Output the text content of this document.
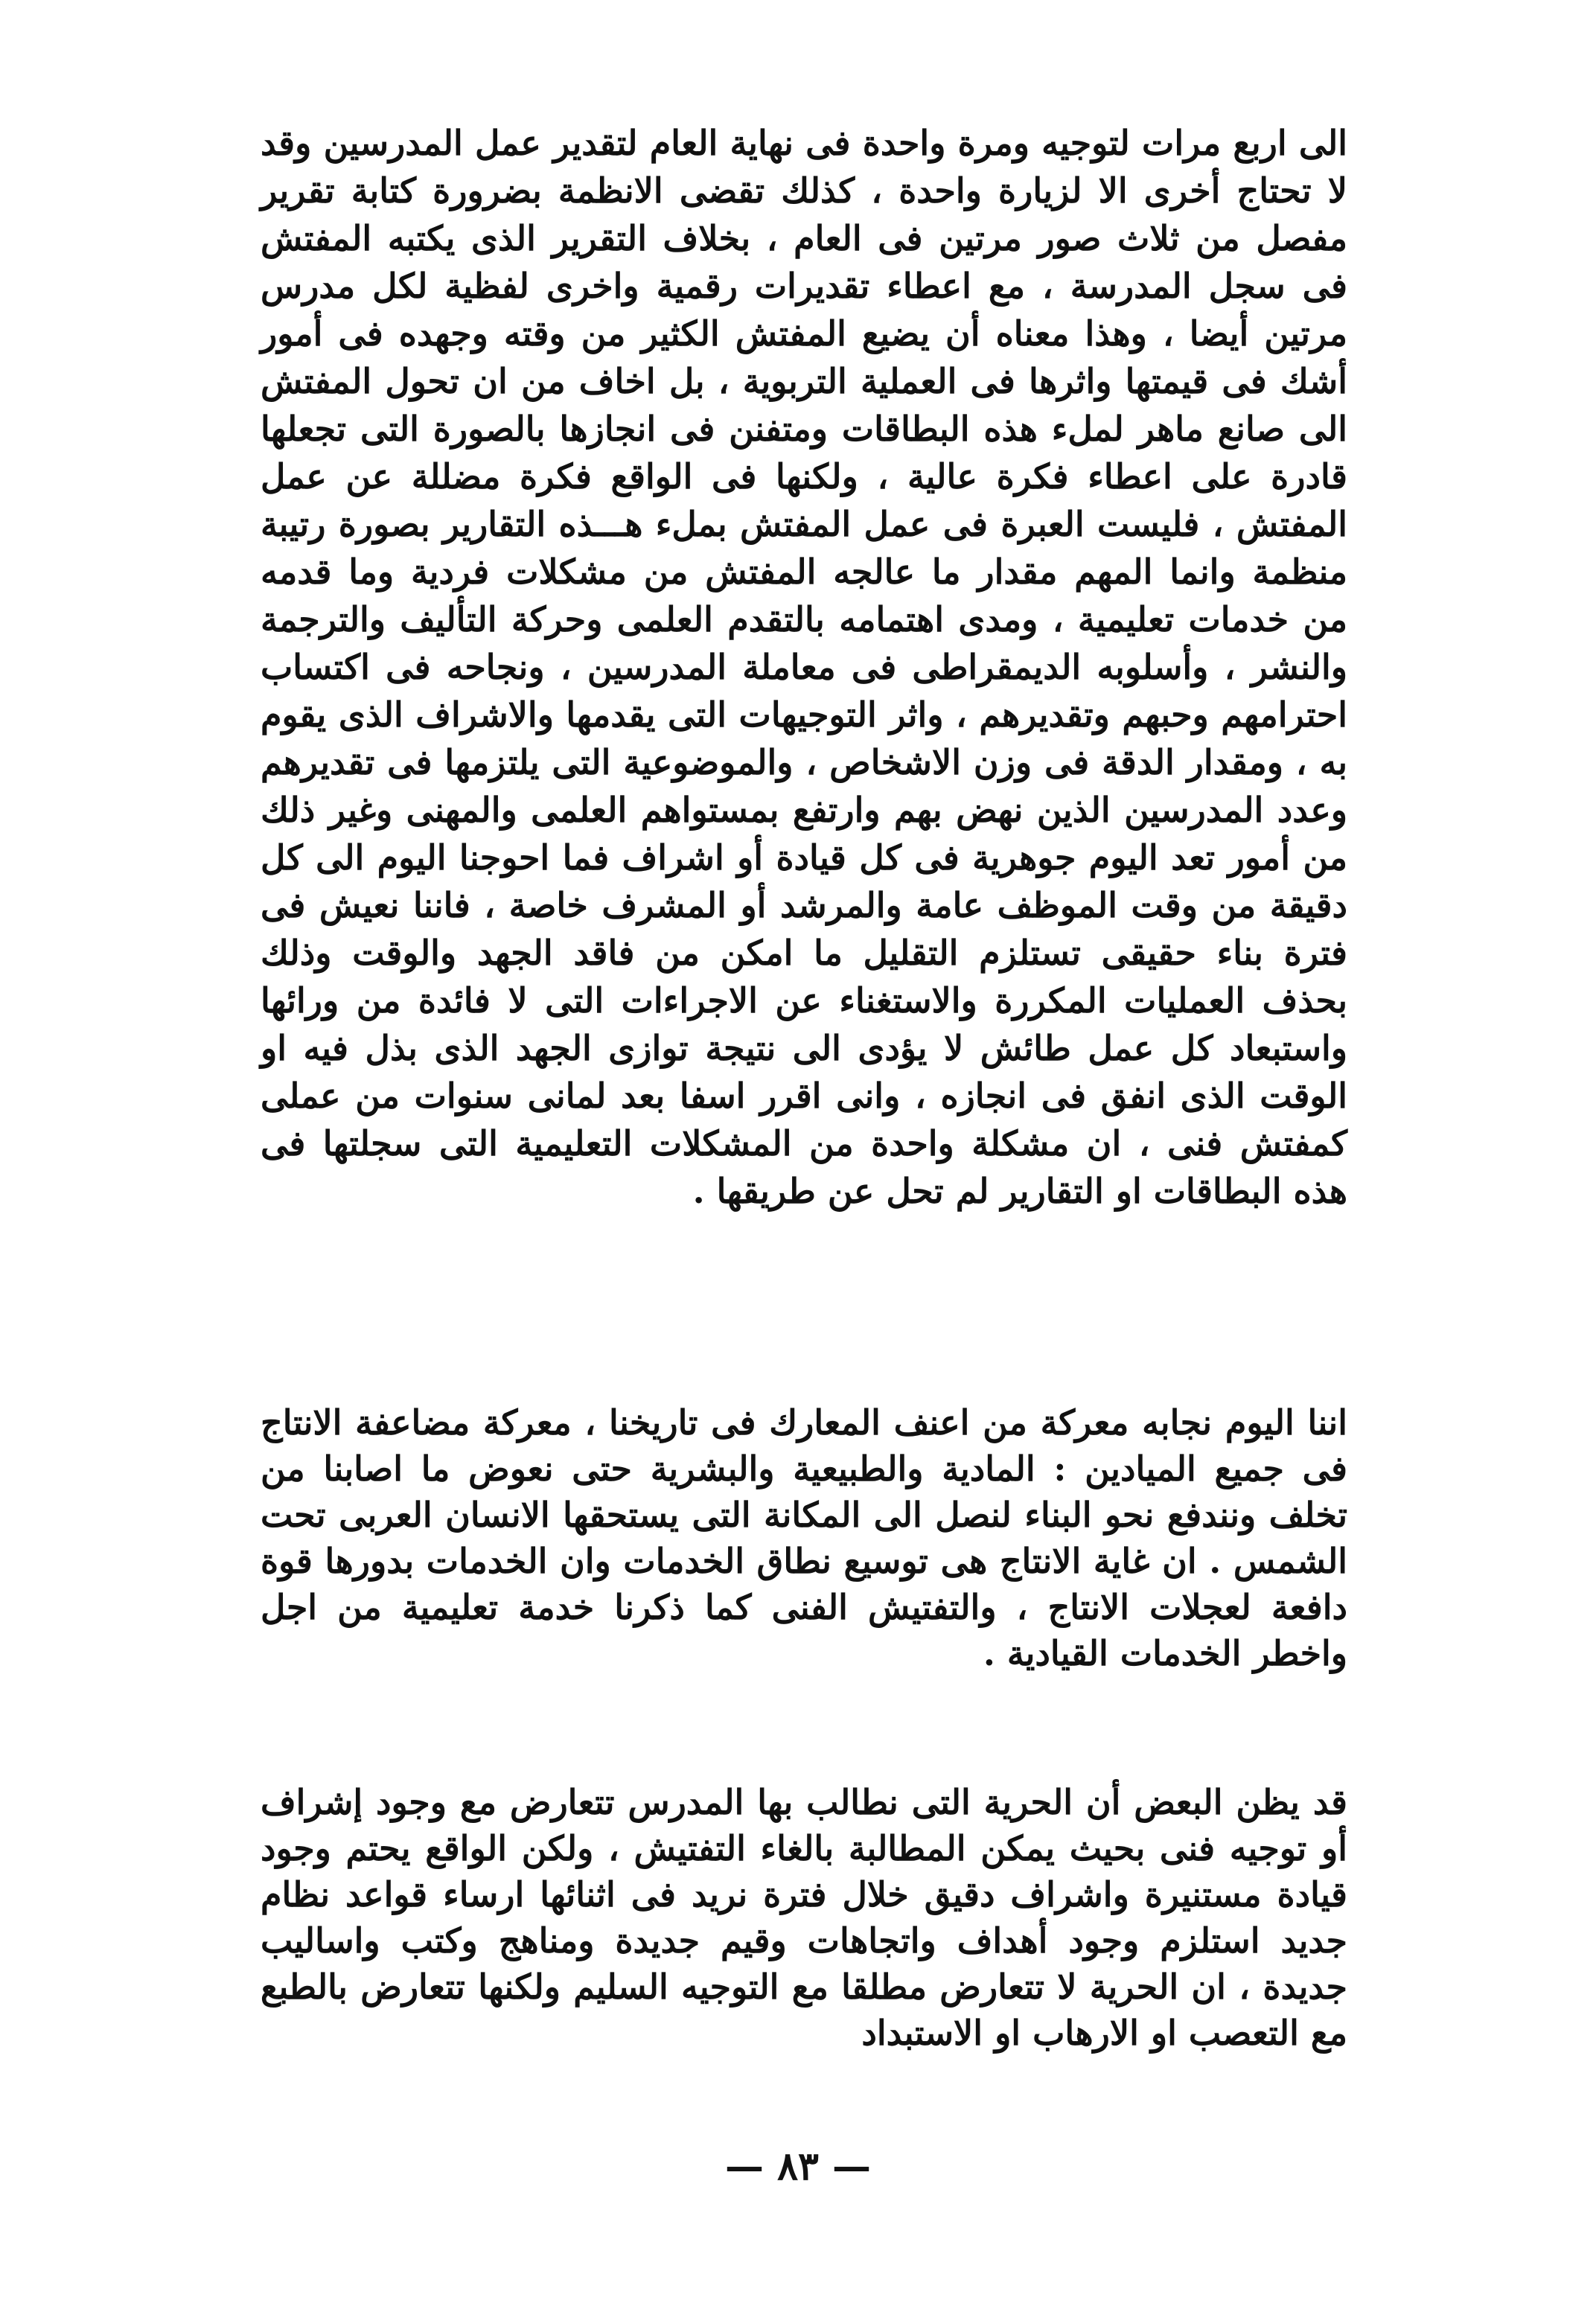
الى اربع مرات لتوجيه ومرة واحدة فى نهاية العام لتقدير عمل المدرسين وقد لا تحتاج أخرى الا لزيارة واحدة ، كذلك تقضى الانظمة بضرورة كتابة تقرير مفصل من ثلاث صور مرتين فى العام ، بخلاف التقرير الذى يكتبه المفتش فى سجل المدرسة ، مع اعطاء تقديرات رقمية واخرى لفظية لكل مدرس مرتين أيضا ، وهذا معناه أن يضيع المفتش الكثير من وقته وجهده فى أمور أشك فى قيمتها واثرها فى العملية التربوية ، بل اخاف من ان تحول المفتش الى صانع ماهر لملء هذه البطاقات ومتفنن فى انجازها بالصورة التى تجعلها قادرة على اعطاء فكرة عالية ، ولكنها فى الواقع فكرة مضللة عن عمل المفتش ، فليست العبرة فى عمل المفتش بملء هـــذه التقارير بصورة رتيبة منظمة وانما المهم مقدار ما عالجه المفتش من مشكلات فردية وما قدمه من خدمات تعليمية ، ومدى اهتمامه بالتقدم العلمى وحركة التأليف والترجمة والنشر ، وأسلوبه الديمقراطى فى معاملة المدرسين ، ونجاحه فى اكتساب احترامهم وحبهم وتقديرهم ، واثر التوجيهات التى يقدمها والاشراف الذى يقوم به ، ومقدار الدقة فى وزن الاشخاص ، والموضوعية التى يلتزمها فى تقديرهم وعدد المدرسين الذين نهض بهم وارتفع بمستواهم العلمى والمهنى وغير ذلك من أمور تعد اليوم جوهرية فى كل قيادة أو اشراف فما احوجنا اليوم الى كل دقيقة من وقت الموظف عامة والمرشد أو المشرف خاصة ، فاننا نعيش فى فترة بناء حقيقى تستلزم التقليل ما امكن من فاقد الجهد والوقت وذلك بحذف العمليات المكررة والاستغناء عن الاجراءات التى لا فائدة من ورائها واستبعاد كل عمل طائش لا يؤدى الى نتيجة توازى الجهد الذى بذل فيه او الوقت الذى انفق فى انجازه ، وانى اقرر اسفا بعد لمانى سنوات من عملى كمفتش فنى ، ان مشكلة واحدة من المشكلات التعليمية التى سجلتها فى هذه البطاقات او التقارير لم تحل عن طريقها .
اننا اليوم نجابه معركة من اعنف المعارك فى تاريخنا ، معركة مضاعفة الانتاج فى جميع الميادين : المادية والطبيعية والبشرية حتى نعوض ما اصابنا من تخلف ونندفع نحو البناء لنصل الى المكانة التى يستحقها الانسان العربى تحت الشمس . ان غاية الانتاج هى توسيع نطاق الخدمات وان الخدمات بدورها قوة دافعة لعجلات الانتاج ، والتفتيش الفنى كما ذكرنا خدمة تعليمية من اجل واخطر الخدمات القيادية .
قد يظن البعض أن الحرية التى نطالب بها المدرس تتعارض مع وجود إشراف أو توجيه فنى بحيث يمكن المطالبة بالغاء التفتيش ، ولكن الواقع يحتم وجود قيادة مستنيرة واشراف دقيق خلال فترة نريد فى اثنائها ارساء قواعد نظام جديد استلزم وجود أهداف واتجاهات وقيم جديدة ومناهج وكتب واساليب جديدة ، ان الحرية لا تتعارض مطلقا مع التوجيه السليم ولكنها تتعارض بالطبع مع التعصب او الارهاب او الاستبداد
— ٨٣ —
